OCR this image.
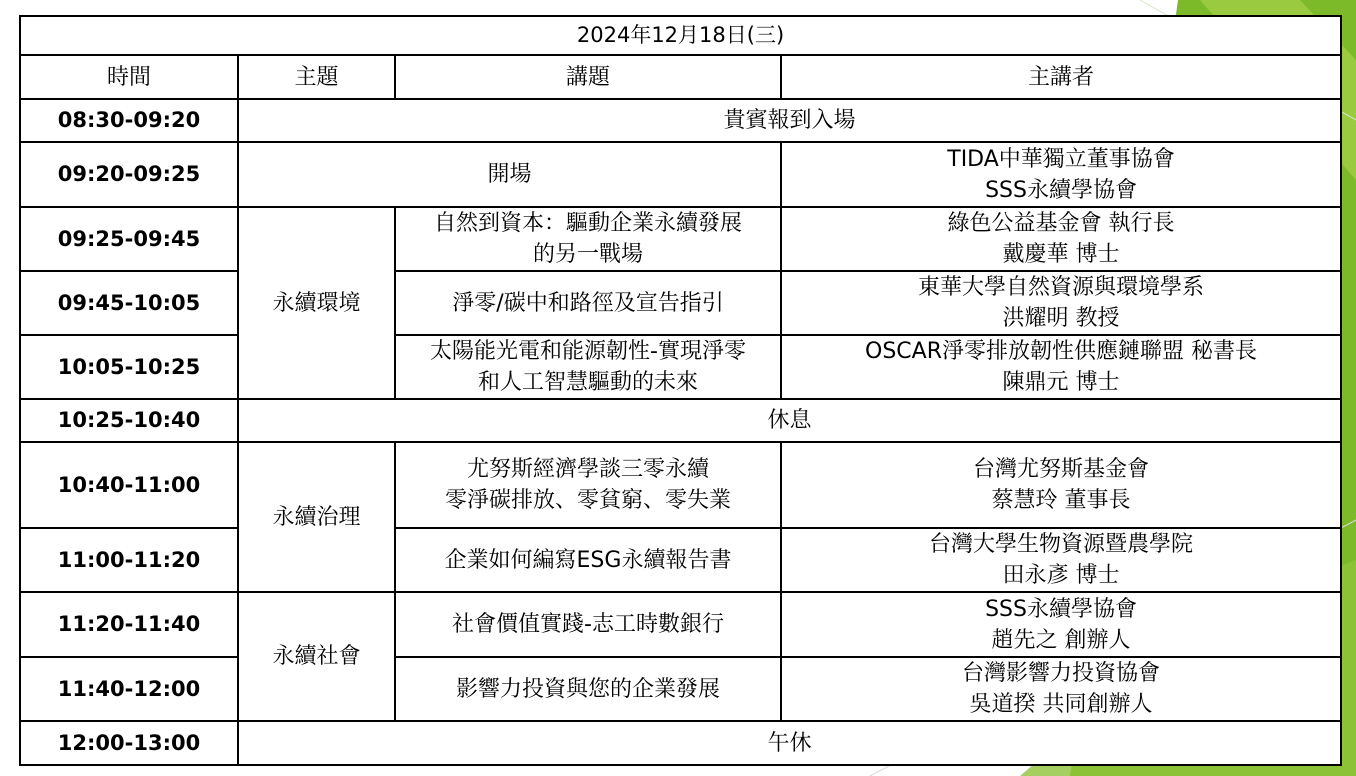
2024年12月18日(三)			
時間	主題	講題	主講者
08:30-09:20	貴賓報到入場		
09:20-09:25	開場		TIDA中華獨立董事協會
SSS永續學協會

09:25-09:45	永續環境	自然到資本：驅動企業永續發展
的另一戰場	綠色公益基金會 執行長
戴慶華 博士

09:45-10:05		淨零/碳中和路徑及宣告指引	東華大學自然資源與環境學系
洪耀明 教授

10:05-10:25		太陽能光電和能源韌性-實現淨零
和人工智慧驅動的未來	OSCAR淨零排放韌性供應鏈聯盟 秘書長
陳鼎元 博士

10:25-10:40	休息		
10:40-11:00	永續治理	尤努斯經濟學談三零永續
零淨碳排放、零貧窮、零失業	台灣尤努斯基金會
蔡慧玲 董事長

11:00-11:20		企業如何編寫ESG永續報告書	台灣大學生物資源暨農學院
田永彥 博士

11:20-11:40	永續社會	社會價值實踐-志工時數銀行	SSS永續學協會
趙先之 創辦人

11:40-12:00		影響力投資與您的企業發展	台灣影響力投資協會
吳道揆 共同創辦人

12:00-13:00	午休		
